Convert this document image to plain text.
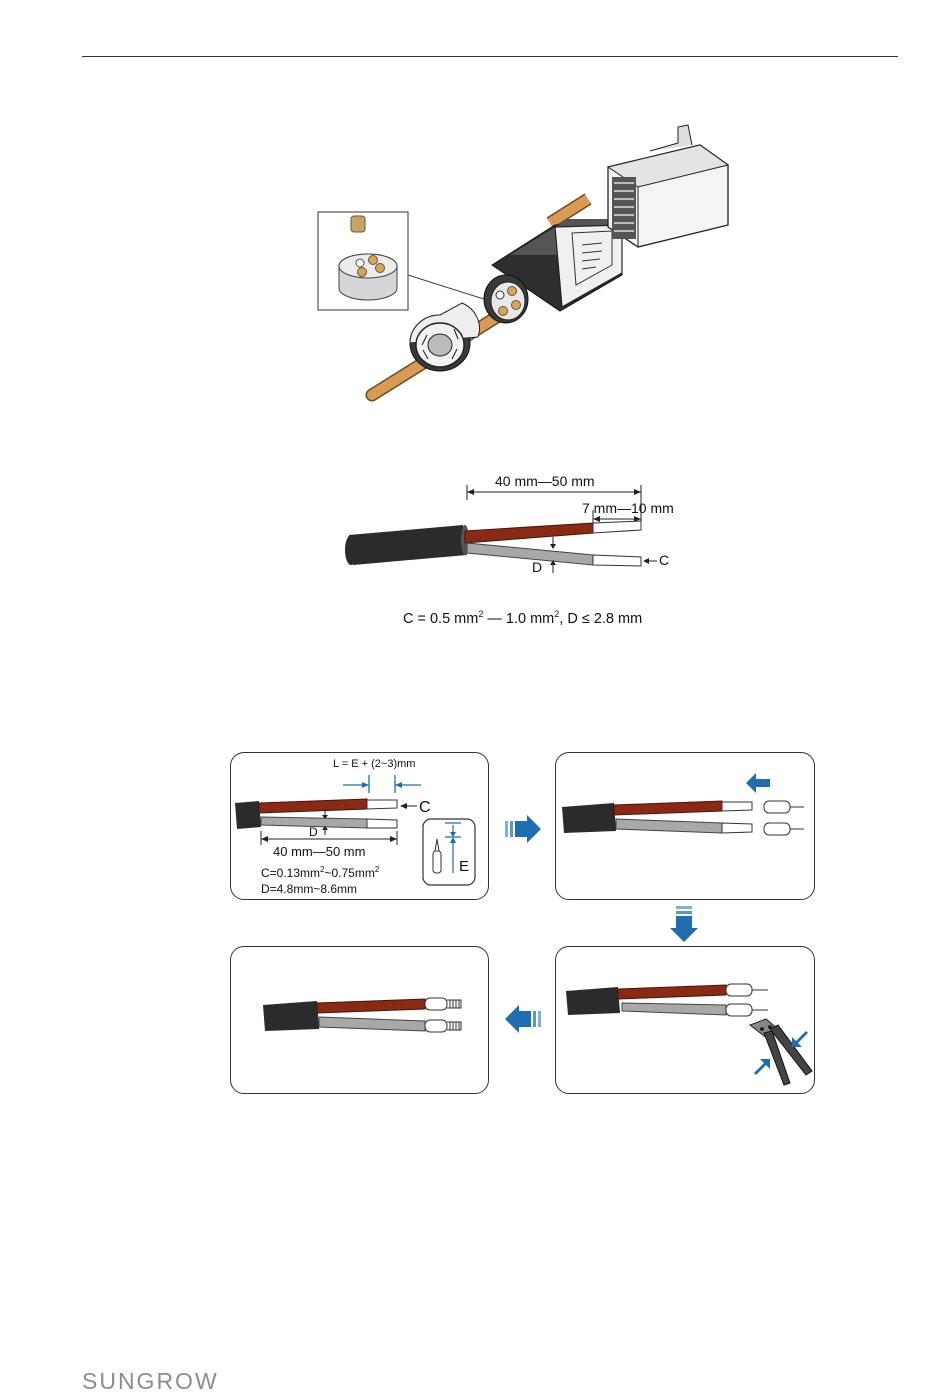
40 mm—50 mm
7 mm—10 mm
C
D
C = 0.5 $mm^2$ — 1.0 $mm^2$, D ≤ 2.8 mm
L = E + (2~3)mm
C
D
40 mm—50 mm
$C=0.13mm^2\sim 0.75mm^2$
D=4.8mm~8.6mm
E
SUNGROW
